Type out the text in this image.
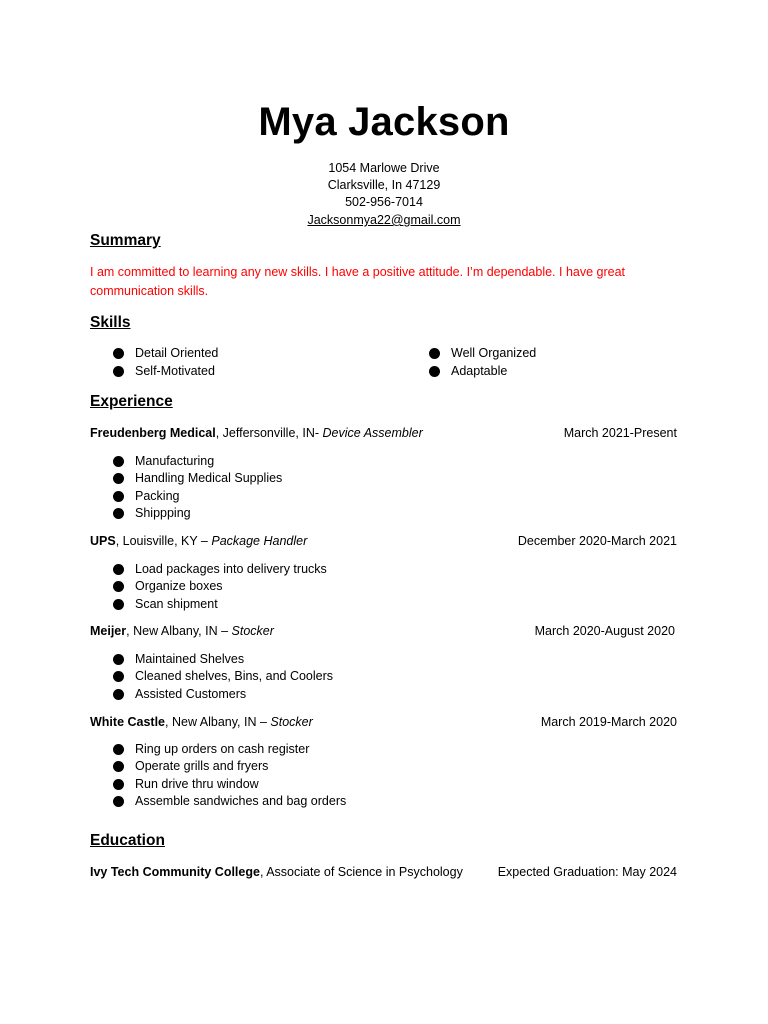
Mya Jackson
1054 Marlowe Drive
Clarksville, In 47129
502-956-7014
Jacksonmya22@gmail.com
Summary
I am committed to learning any new skills. I have a positive attitude. I’m dependable. I have great communication skills.
Skills
Detail Oriented
Self-Motivated
Well Organized
Adaptable
Experience
Freudenberg Medical, Jeffersonville, IN- Device Assembler	March 2021-Present
Manufacturing
Handling Medical Supplies
Packing
Shippping
UPS, Louisville, KY – Package Handler	December 2020-March 2021
Load packages into delivery trucks
Organize boxes
Scan shipment
Meijer, New Albany, IN – Stocker	March 2020-August 2020
Maintained Shelves
Cleaned shelves, Bins, and Coolers
Assisted Customers
White Castle, New Albany, IN – Stocker	March 2019-March 2020
Ring up orders on cash register
Operate grills and fryers
Run drive thru window
Assemble sandwiches and bag orders
Education
Ivy Tech Community College, Associate of Science in Psychology	Expected Graduation: May 2024
